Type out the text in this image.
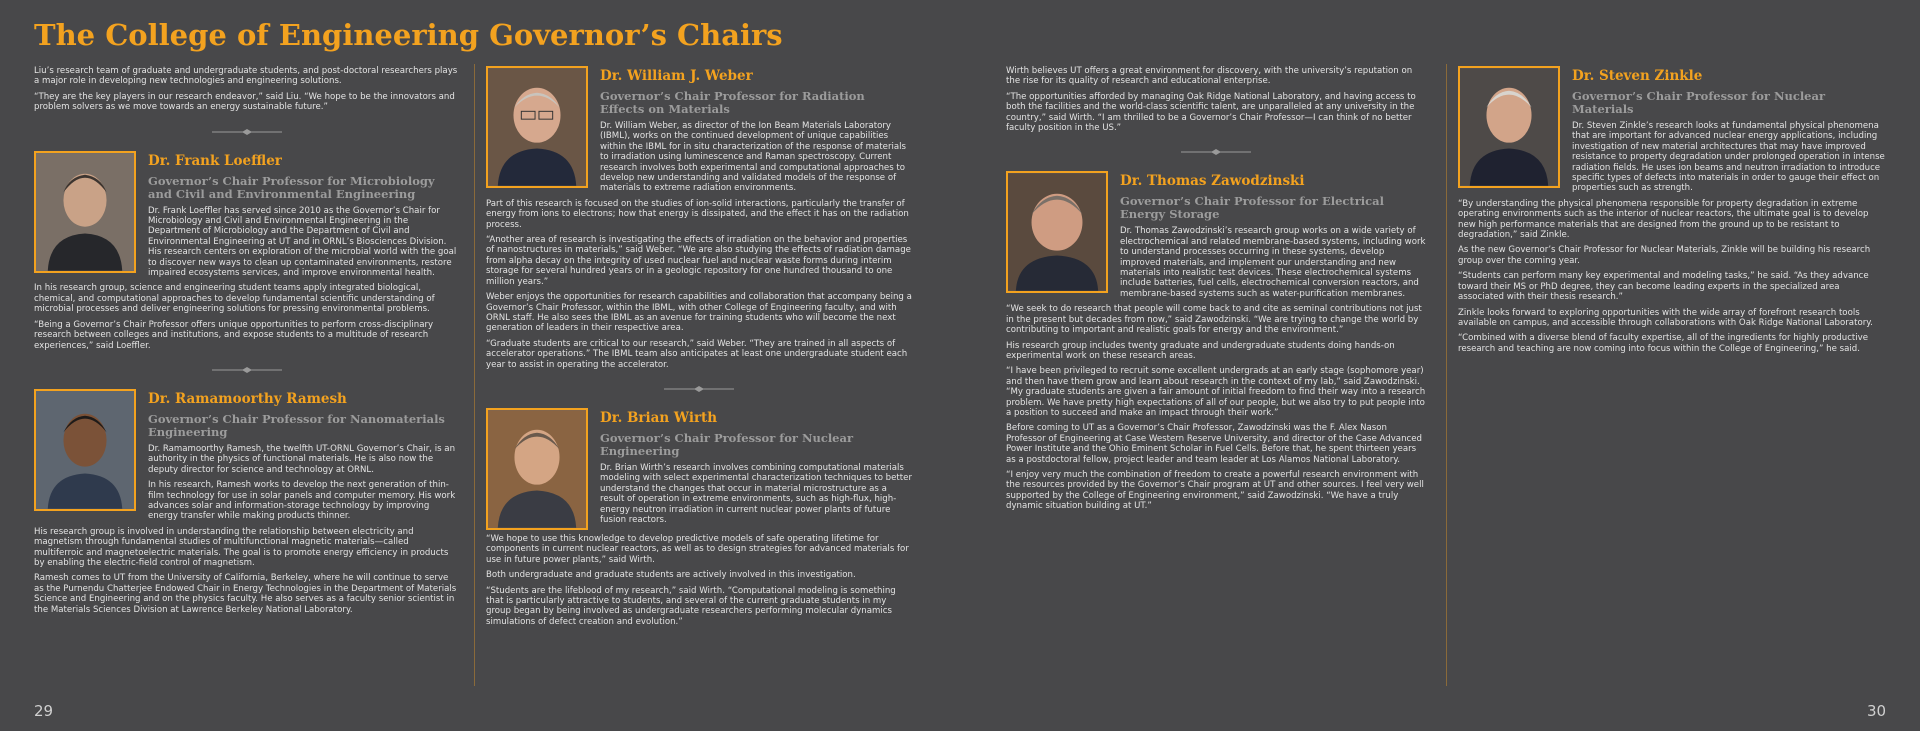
The College of Engineering Governor’s Chairs

Liu’s research team of graduate and undergraduate students, and post-doctoral researchers plays a major role in developing new technologies and engineering solutions.

“They are the key players in our research endeavor,” said Liu. “We hope to be the innovators and problem solvers as we move towards an energy sustainable future.”

Dr. Frank Loeffler
Governor’s Chair Professor for Microbiology and Civil and Environmental Engineering

Dr. Frank Loeffler has served since 2010 as the Governor’s Chair for Microbiology and Civil and Environmental Engineering in the Department of Microbiology and the Department of Civil and Environmental Engineering at UT and in ORNL’s Biosciences Division. His research centers on exploration of the microbial world with the goal to discover new ways to clean up contaminated environments, restore impaired ecosystems services, and improve environmental health.

In his research group, science and engineering student teams apply integrated biological, chemical, and computational approaches to develop fundamental scientific understanding of microbial processes and deliver engineering solutions for pressing environmental problems.

“Being a Governor’s Chair Professor offers unique opportunities to perform cross-disciplinary research between colleges and institutions, and expose students to a multitude of research experiences,” said Loeffler.

Dr. Ramamoorthy Ramesh
Governor’s Chair Professor for Nanomaterials Engineering

Dr. Ramamoorthy Ramesh, the twelfth UT-ORNL Governor’s Chair, is an authority in the physics of functional materials. He is also now the deputy director for science and technology at ORNL.

In his research, Ramesh works to develop the next generation of thin-film technology for use in solar panels and computer memory. His work advances solar and information-storage technology by improving energy transfer while making products thinner.

His research group is involved in understanding the relationship between electricity and magnetism through fundamental studies of multifunctional magnetic materials—called multiferroic and magnetoelectric materials. The goal is to promote energy efficiency in products by enabling the electric-field control of magnetism.

Ramesh comes to UT from the University of California, Berkeley, where he will continue to serve as the Purnendu Chatterjee Endowed Chair in Energy Technologies in the Department of Materials Science and Engineering and on the physics faculty. He also serves as a faculty senior scientist in the Materials Sciences Division at Lawrence Berkeley National Laboratory.

Dr. William J. Weber
Governor’s Chair Professor for Radiation Effects on Materials

Dr. William Weber, as director of the Ion Beam Materials Laboratory (IBML), works on the continued development of unique capabilities within the IBML for in situ characterization of the response of materials to irradiation using luminescence and Raman spectroscopy. Current research involves both experimental and computational approaches to develop new understanding and validated models of the response of materials to extreme radiation environments.

Part of this research is focused on the studies of ion-solid interactions, particularly the transfer of energy from ions to electrons; how that energy is dissipated, and the effect it has on the radiation process.

“Another area of research is investigating the effects of irradiation on the behavior and properties of nanostructures in materials,” said Weber. “We are also studying the effects of radiation damage from alpha decay on the integrity of used nuclear fuel and nuclear waste forms during interim storage for several hundred years or in a geologic repository for one hundred thousand to one million years.”

Weber enjoys the opportunities for research capabilities and collaboration that accompany being a Governor’s Chair Professor, within the IBML, with other College of Engineering faculty, and with ORNL staff. He also sees the IBML as an avenue for training students who will become the next generation of leaders in their respective area.

“Graduate students are critical to our research,” said Weber. “They are trained in all aspects of accelerator operations.” The IBML team also anticipates at least one undergraduate student each year to assist in operating the accelerator.

Dr. Brian Wirth
Governor’s Chair Professor for Nuclear Engineering

Dr. Brian Wirth’s research involves combining computational materials modeling with select experimental characterization techniques to better understand the changes that occur in material microstructure as a result of operation in extreme environments, such as high-flux, high-energy neutron irradiation in current nuclear power plants of future fusion reactors.

“We hope to use this knowledge to develop predictive models of safe operating lifetime for components in current nuclear reactors, as well as to design strategies for advanced materials for use in future power plants,” said Wirth.

Both undergraduate and graduate students are actively involved in this investigation.

“Students are the lifeblood of my research,” said Wirth. “Computational modeling is something that is particularly attractive to students, and several of the current graduate students in my group began by being involved as undergraduate researchers performing molecular dynamics simulations of defect creation and evolution.”

Wirth believes UT offers a great environment for discovery, with the university’s reputation on the rise for its quality of research and educational enterprise.

“The opportunities afforded by managing Oak Ridge National Laboratory, and having access to both the facilities and the world-class scientific talent, are unparalleled at any university in the country,” said Wirth. “I am thrilled to be a Governor’s Chair Professor—I can think of no better faculty position in the US.”

Dr. Thomas Zawodzinski
Governor’s Chair Professor for Electrical Energy Storage

Dr. Thomas Zawodzinski’s research group works on a wide variety of electrochemical and related membrane-based systems, including work to understand processes occurring in these systems, develop improved materials, and implement our understanding and new materials into realistic test devices. These electrochemical systems include batteries, fuel cells, electrochemical conversion reactors, and membrane-based systems such as water-purification membranes.

“We seek to do research that people will come back to and cite as seminal contributions not just in the present but decades from now,” said Zawodzinski. “We are trying to change the world by contributing to important and realistic goals for energy and the environment.”

His research group includes twenty graduate and undergraduate students doing hands-on experimental work on these research areas.

“I have been privileged to recruit some excellent undergrads at an early stage (sophomore year) and then have them grow and learn about research in the context of my lab,” said Zawodzinski. “My graduate students are given a fair amount of initial freedom to find their way into a research problem. We have pretty high expectations of all of our people, but we also try to put people into a position to succeed and make an impact through their work.”

Before coming to UT as a Governor’s Chair Professor, Zawodzinski was the F. Alex Nason Professor of Engineering at Case Western Reserve University, and director of the Case Advanced Power Institute and the Ohio Eminent Scholar in Fuel Cells. Before that, he spent thirteen years as a postdoctoral fellow, project leader and team leader at Los Alamos National Laboratory.

“I enjoy very much the combination of freedom to create a powerful research environment with the resources provided by the Governor’s Chair program at UT and other sources. I feel very well supported by the College of Engineering environment,” said Zawodzinski. “We have a truly dynamic situation building at UT.”

Dr. Steven Zinkle
Governor’s Chair Professor for Nuclear Materials

Dr. Steven Zinkle’s research looks at fundamental physical phenomena that are important for advanced nuclear energy applications, including investigation of new material architectures that may have improved resistance to property degradation under prolonged operation in intense radiation fields. He uses ion beams and neutron irradiation to introduce specific types of defects into materials in order to gauge their effect on properties such as strength.

“By understanding the physical phenomena responsible for property degradation in extreme operating environments such as the interior of nuclear reactors, the ultimate goal is to develop new high performance materials that are designed from the ground up to be resistant to degradation,” said Zinkle.

As the new Governor’s Chair Professor for Nuclear Materials, Zinkle will be building his research group over the coming year.

“Students can perform many key experimental and modeling tasks,” he said. “As they advance toward their MS or PhD degree, they can become leading experts in the specialized area associated with their thesis research.”

Zinkle looks forward to exploring opportunities with the wide array of forefront research tools available on campus, and accessible through collaborations with Oak Ridge National Laboratory.

“Combined with a diverse blend of faculty expertise, all of the ingredients for highly productive research and teaching are now coming into focus within the College of Engineering,” he said.

29	30
